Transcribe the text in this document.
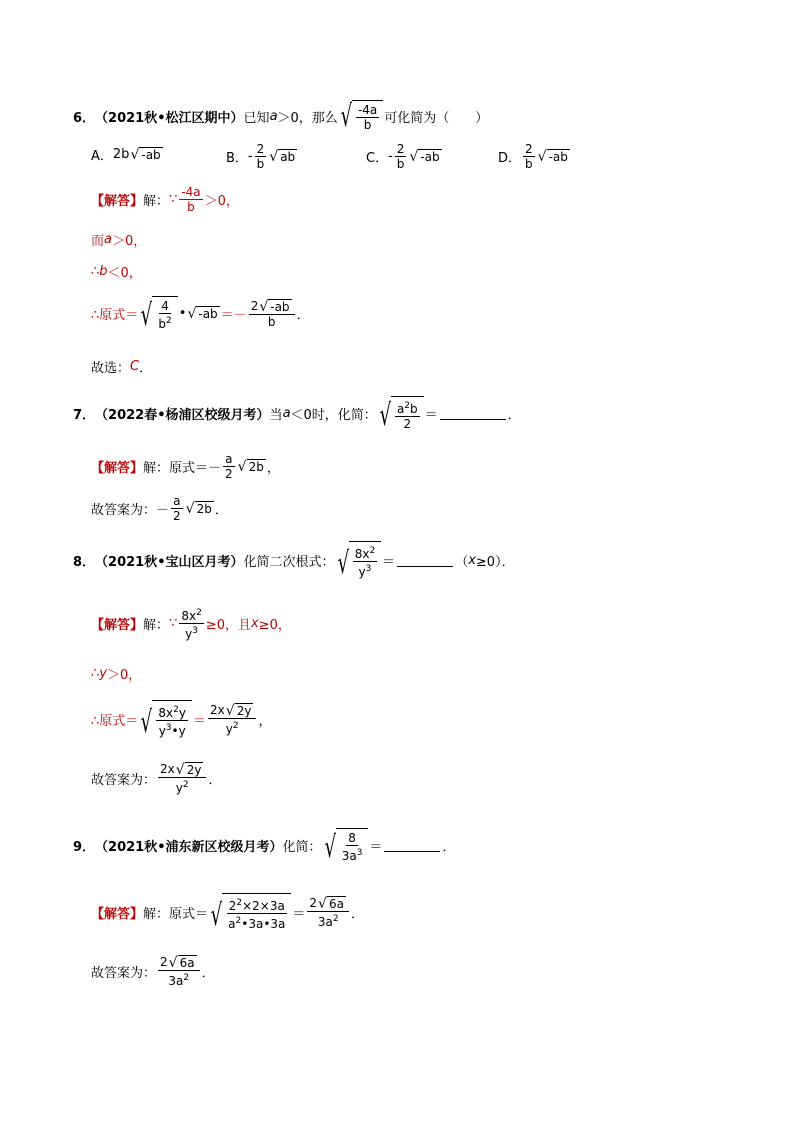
6． （2021秋•松江区期中） 已知 a ＞0，那么 √ $\frac{-4a}{b}$ 可化简为（　　）
A． 2b √ -ab	B． - $\frac{2}{b}$ √ ab	C． - $\frac{2}{b}$ √ -ab	D． $\frac{2}{b}$ √ -ab
【解答】 解： ∵ $\frac{-4a}{b} >0$，
而 a ＞0，
∴ b ＜0，
∴原式＝ √ $\frac{4}{b^2}$ • √ $-ab =- \frac{2 √ -ab}{b}$ ．
故选： C ．
7． （2022春•杨浦区校级月考） 当 a ＜0时，化简： √ $\frac{a^2b}{2}$ ＝	．
【解答】 解：原式＝－ $\frac{a}{2}$ √ 2b ，
故答案为：－ $\frac{a}{2}$ √ 2b ．
8． （2021秋•宝山区月考） 化简二次根式： √ $\frac{8x^2}{y^3}$ ＝	（ x ≥0）．
【解答】 解： ∵ $\frac{8x^2}{y^3} \ge 0$，且 x ≥0，
∴ y ＞0，
∴原式＝ √ $\frac{8x^2y}{y^3•y} = \frac{2x √ 2y}{y^2}$ ，
故答案为： $\frac{2x √ 2y}{y^2}$ ．
9． （2021秋•浦东新区校级月考） 化简： √ $\frac{8}{3a^3}$ ＝	．
【解答】 解：原式＝ √ $\frac{2^2\times 2\times 3a}{a^2•3a•3a} = \frac{2 √ 6a}{3a^2}$ ．
故答案为： $\frac{2 √ 6a}{3a^2}$ ．
